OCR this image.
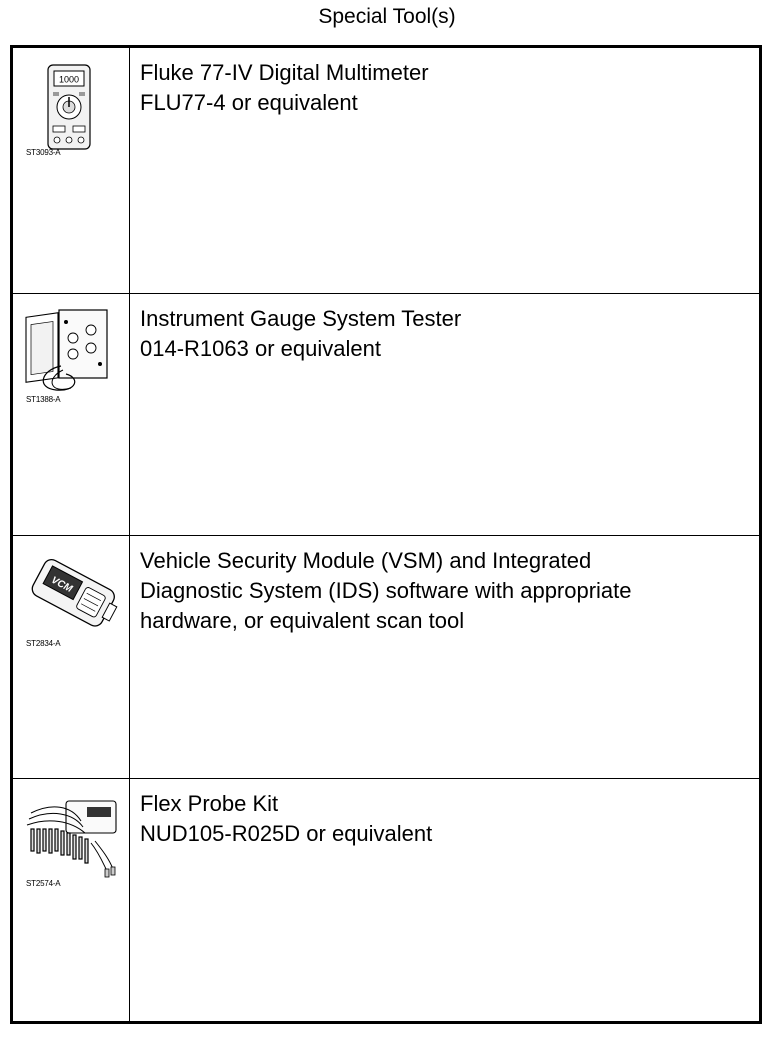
Special Tool(s)
1000
ST3093-A
Fluke 77-IV Digital Multimeter
FLU77-4 or equivalent
ST1388-A
Instrument Gauge System Tester
014-R1063 or equivalent
VCM
ST2834-A
Vehicle Security Module (VSM) and Integrated
Diagnostic System (IDS) software with appropriate
hardware, or equivalent scan tool
ST2574-A
Flex Probe Kit
NUD105-R025D or equivalent
